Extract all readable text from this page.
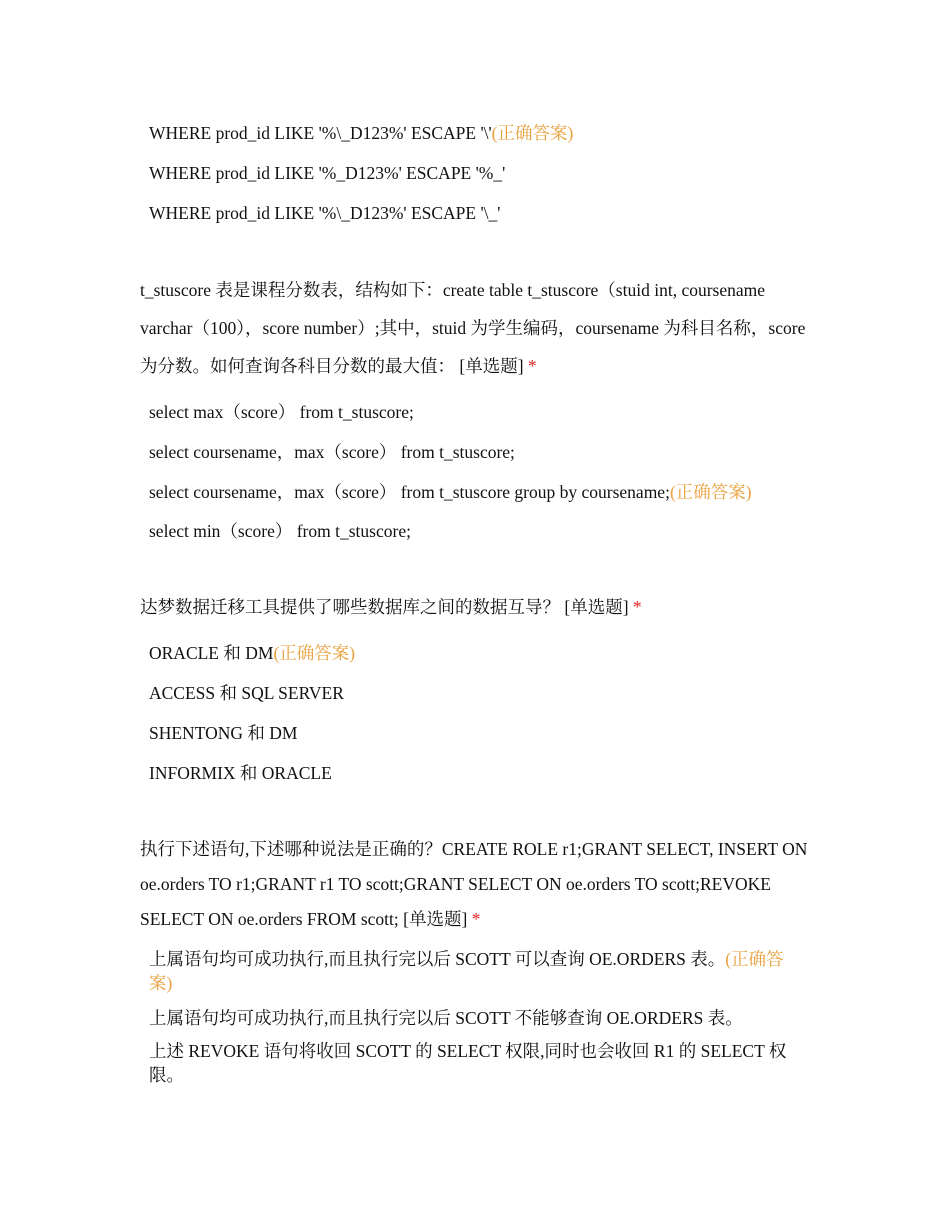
WHERE prod_id LIKE '%\_D123%' ESCAPE '\'(正确答案)

WHERE prod_id LIKE '%_D123%' ESCAPE '%_'

WHERE prod_id LIKE '%\_D123%' ESCAPE '\_'

t_stuscore 表是课程分数表，结构如下：create table t_stuscore（stuid int, coursename varchar（100），score number）;其中，stuid 为学生编码，coursename 为科目名称，score 为分数。如何查询各科目分数的最大值： [单选题] *

select max（score） from t_stuscore;

select coursename，max（score） from t_stuscore;

select coursename，max（score） from t_stuscore group by coursename;(正确答案)

select min（score） from t_stuscore;

达梦数据迁移工具提供了哪些数据库之间的数据互导？ [单选题] *

ORACLE 和 DM(正确答案)

ACCESS 和 SQL SERVER

SHENTONG 和 DM

INFORMIX 和 ORACLE

执行下述语句,下述哪种说法是正确的？CREATE ROLE r1;GRANT SELECT, INSERT ON oe.orders TO r1;GRANT r1 TO scott;GRANT SELECT ON oe.orders TO scott;REVOKE SELECT ON oe.orders FROM scott; [单选题] *

上属语句均可成功执行,而且执行完以后 SCOTT 可以查询 OE.ORDERS 表。(正确答案)

上属语句均可成功执行,而且执行完以后 SCOTT 不能够查询 OE.ORDERS 表。

上述 REVOKE 语句将收回 SCOTT 的 SELECT 权限,同时也会收回 R1 的 SELECT 权限。
